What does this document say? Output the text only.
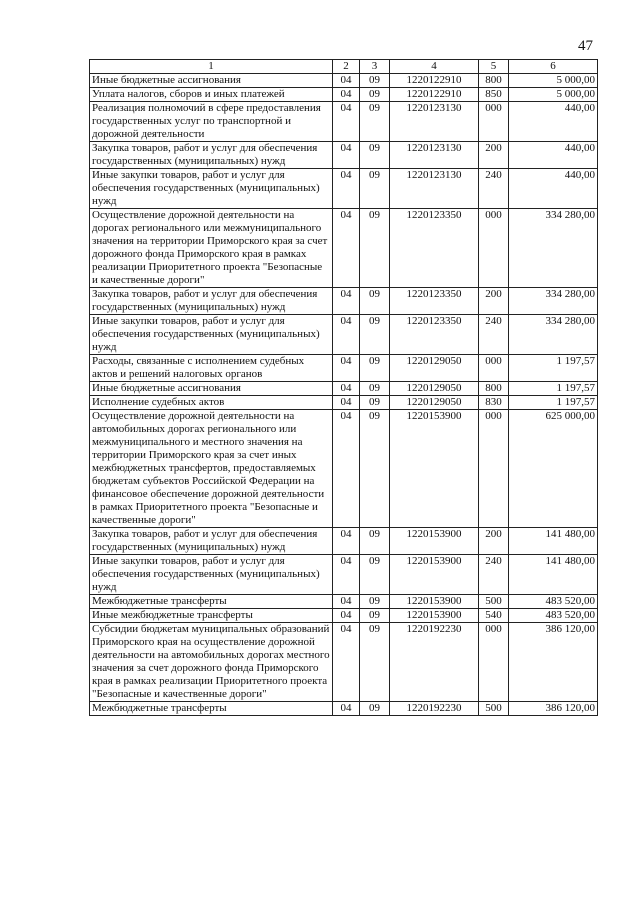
47
1	2	3	4	5	6
Иные бюджетные ассигнования	04	09	1220122910	800	5 000,00
Уплата налогов, сборов и иных платежей	04	09	1220122910	850	5 000,00
Реализация полномочий в сфере предоставления государственных услуг по транспортной и дорожной деятельности	04	09	1220123130	000	440,00
Закупка товаров, работ и услуг для обеспечения государственных (муниципальных) нужд	04	09	1220123130	200	440,00
Иные закупки товаров, работ и услуг для обеспечения государственных (муниципальных) нужд	04	09	1220123130	240	440,00
Осуществление дорожной деятельности на дорогах регионального или межмуниципального значения на территории Приморского края за счет дорожного фонда Приморского края в рамках реализации Приоритетного проекта "Безопасные и качественные дороги"	04	09	1220123350	000	334 280,00
Закупка товаров, работ и услуг для обеспечения государственных (муниципальных) нужд	04	09	1220123350	200	334 280,00
Иные закупки товаров, работ и услуг для обеспечения государственных (муниципальных) нужд	04	09	1220123350	240	334 280,00
Расходы, связанные с исполнением судебных актов и решений налоговых органов	04	09	1220129050	000	1 197,57
Иные бюджетные ассигнования	04	09	1220129050	800	1 197,57
Исполнение судебных актов	04	09	1220129050	830	1 197,57
Осуществление дорожной деятельности на автомобильных дорогах регионального или межмуниципального и местного значения на территории Приморского края за счет иных межбюджетных трансфертов, предоставляемых бюджетам субъектов Российской Федерации на финансовое обеспечение дорожной деятельности в рамках Приоритетного проекта "Безопасные и качественные дороги"	04	09	1220153900	000	625 000,00
Закупка товаров, работ и услуг для обеспечения государственных (муниципальных) нужд	04	09	1220153900	200	141 480,00
Иные закупки товаров, работ и услуг для обеспечения государственных (муниципальных) нужд	04	09	1220153900	240	141 480,00
Межбюджетные трансферты	04	09	1220153900	500	483 520,00
Иные межбюджетные трансферты	04	09	1220153900	540	483 520,00
Субсидии бюджетам муниципальных образований Приморского края на осуществление дорожной деятельности на автомобильных дорогах местного значения за счет дорожного фонда Приморского края в рамках реализации Приоритетного проекта "Безопасные и качественные дороги"	04	09	1220192230	000	386 120,00
Межбюджетные трансферты	04	09	1220192230	500	386 120,00
